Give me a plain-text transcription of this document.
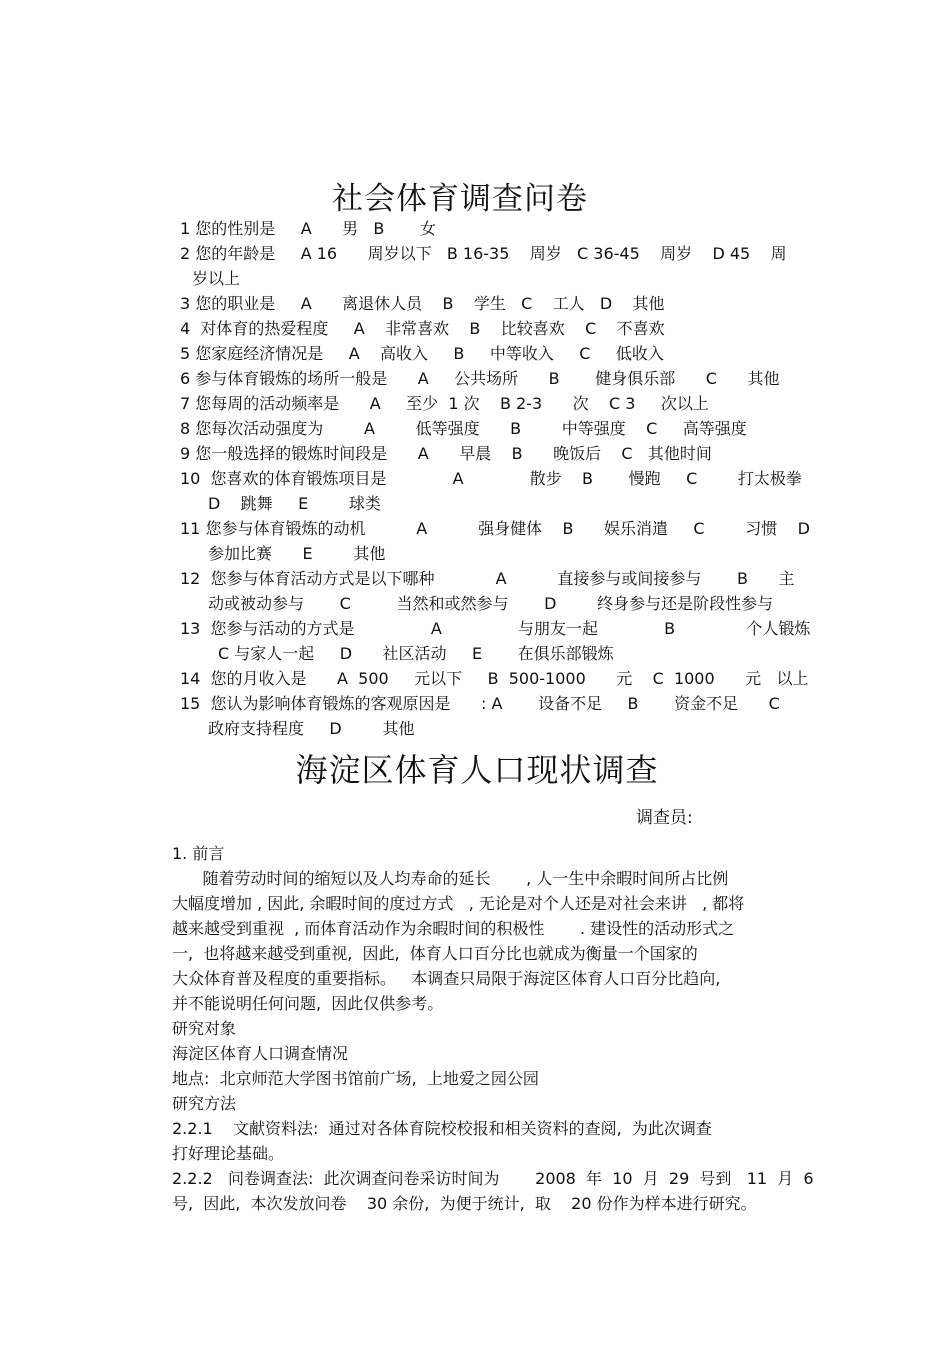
社会体育调查问卷

1 您的性别是     A      男   B       女

2 您的年龄是     A 16      周岁以下   B 16-35    周岁   C 36-45    周岁    D 45    周

岁以上

3 您的职业是     A      离退休人员    B    学生   C    工人   D    其他

4  对体育的热爱程度     A    非常喜欢    B    比较喜欢    C    不喜欢

5 您家庭经济情况是     A    高收入     B     中等收入     C     低收入

6 参与体育锻炼的场所一般是      A     公共场所      B       健身俱乐部      C      其他

7 您每周的活动频率是      A     至少  1 次    B 2-3      次    C 3     次以上

8 您每次活动强度为        A        低等强度      B        中等强度    C     高等强度

9 您一般选择的锻炼时间段是      A      早晨    B      晚饭后    C   其他时间

10  您喜欢的体育锻炼项目是             A             散步    B       慢跑     C        打太极拳

D    跳舞     E        球类

11 您参与体育锻炼的动机          A          强身健体    B      娱乐消遣     C        习惯    D

参加比赛      E        其他

12  您参与体育活动方式是以下哪种            A          直接参与或间接参与       B      主

动或被动参与       C         当然和或然参与       D        终身参与还是阶段性参与

13  您参与活动的方式是               A               与朋友一起             B              个人锻炼

C 与家人一起     D      社区活动     E       在俱乐部锻炼

14  您的月收入是      A  500     元以下     B  500-1000      元    C  1000      元   以上

15  您认为影响体育锻炼的客观原因是      : A       设备不足     B       资金不足      C

政府支持程度     D        其他

海淀区体育人口现状调查
调查员:

1. 前言

随着劳动时间的缩短以及人均寿命的延长       , 人一生中余暇时间所占比例

大幅度增加 , 因此, 余暇时间的度过方式   , 无论是对个人还是对社会来讲   , 都将

越来越受到重视  , 而体育活动作为余暇时间的积极性       . 建设性的活动形式之

一,  也将越来越受到重视,  因此,  体育人口百分比也就成为衡量一个国家的

大众体育普及程度的重要指标。   本调查只局限于海淀区体育人口百分比趋向,

并不能说明任何问题,  因此仅供参考。

研究对象

海淀区体育人口调查情况

地点:  北京师范大学图书馆前广场,  上地爱之园公园

研究方法

2.2.1    文献资料法:  通过对各体育院校校报和相关资料的查阅,  为此次调查

打好理论基础。

2.2.2   问卷调查法:  此次调查问卷采访时间为       2008  年  10  月  29  号到   11  月  6

号,  因此,  本次发放问卷    30 余份,  为便于统计,  取    20 份作为样本进行研究。
